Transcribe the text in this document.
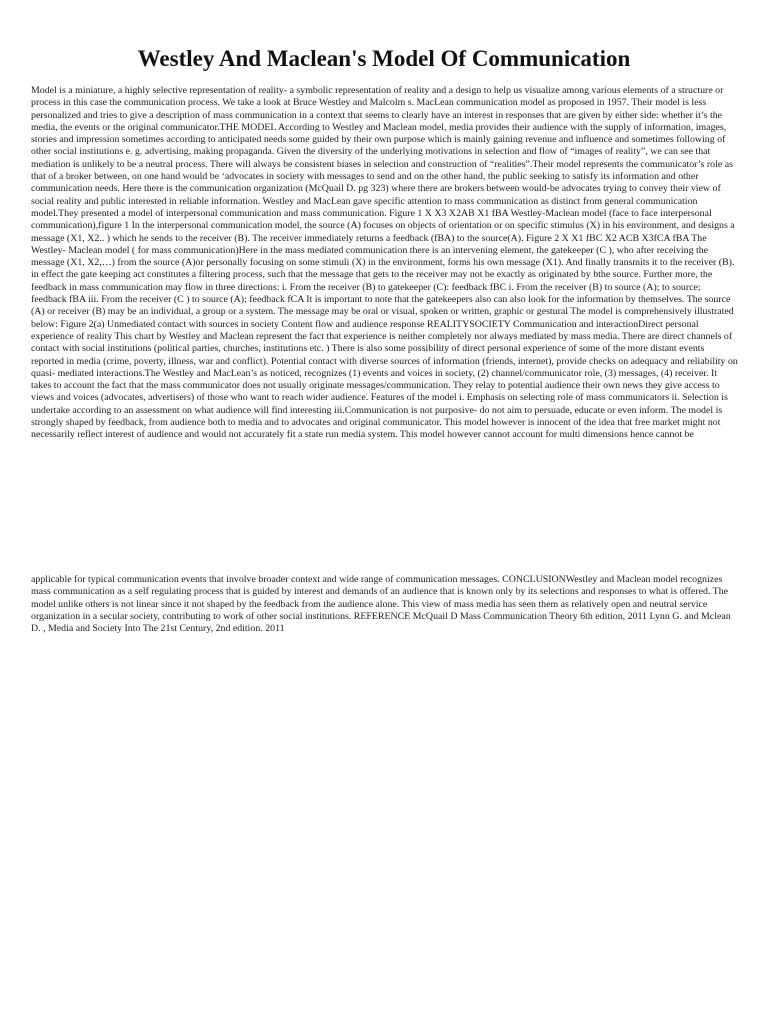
Westley And Maclean's Model Of Communication

Model is a miniature, a highly selective representation of reality- a symbolic representation of reality and a design to help us visualize among various elements of a structure or process in this case the communication process. We take a look at Bruce Westley and Malcolm s. MacLean communication model as proposed in 1957. Their model is less personalized and tries to give a description of mass communication in a context that seems to clearly have an interest in responses that are given by either side: whether it’s the media, the events or the original communicator.THE MODEL According to Westley and Maclean model, media provides their audience with the supply of information, images, stories and impression sometimes according to anticipated needs some guided by their own purpose which is mainly gaining revenue and influence and sometimes following of other social institutions e. g. advertising, making propaganda. Given the diversity of the underlying motivations in selection and flow of “images of reality”, we can see that mediation is unlikely to be a neutral process. There will always be consistent biases in selection and construction of “realities”.Their model represents the communicator’s role as that of a broker between, on one hand would be ‘advocates in society with messages to send and on the other hand, the public seeking to satisfy its information and other communication needs. Here there is the communication organization (McQuail D. pg 323) where there are brokers between would-be advocates trying to convey their view of social reality and public interested in reliable information. Westley and MacLean gave specific attention to mass communication as distinct from general communication model.They presented a model of interpersonal communication and mass communication. Figure 1 X X3 X2AB X1 fBA Westley-Maclean model (face to face interpersonal communication),figure 1 In the interpersonal communication model, the source (A) focuses on objects of orientation or on specific stimulus (X) in his environment, and designs a message (X1, X2.. ) which he sends to the receiver (B). The receiver immediately returns a feedback (fBA) to the source(A). Figure 2 X X1 fBC X2 ACB X3fCA fBA The Westley- Maclean model ( for mass communication)Here in the mass mediated communication there is an intervening element, the gatekeeper (C ), who after receiving the message (X1, X2,…) from the source (A)or personally focusing on some stimuli (X) in the environment, forms his own message (X1). And finally transmits it to the receiver (B). in effect the gate keeping act constitutes a filtering process, such that the message that gets to the receiver may not be exactly as originated by bthe source. Further more, the feedback in mass communication may flow in three directions: i. From the receiver (B) to gatekeeper (C): feedback fBC i. From the receiver (B) to source (A); to source; feedback fBA iii. From the receiver (C ) to source (A); feedback fCA It is important to note that the gatekeepers also can also look for the information by themselves. The source (A) or receiver (B) may be an individual, a group or a system. The message may be oral or visual, spoken or written, graphic or gestural The model is comprehensively illustrated below: Figure 2(a) Unmediated contact with sources in society Content flow and audience response REALITYSOCIETY Communication and interactionDirect personal experience of reality This chart by Westley and Maclean represent the fact that experience is neither completely nor always mediated by mass media. There are direct channels of contact with social institutions (political parties, churches, institutions etc. ) There is also some possibility of direct personal experience of some of the more distant events reported in media (crime, poverty, illness, war and conflict). Potential contact with diverse sources of information (friends, internet), provide checks on adequacy and reliability on quasi- mediated interactions.The Westley and MacLean’s as noticed, recognizes (1) events and voices in society, (2) channel/communicator role, (3) messages, (4) receiver. It takes to account the fact that the mass communicator does not usually originate messages/communication. They relay to potential audience their own news they give access to views and voices (advocates, advertisers) of those who want to reach wider audience. Features of the model i. Emphasis on selecting role of mass communicators ii. Selection is undertake according to an assessment on what audience will find interesting iii.Communication is not purposive- do not aim to persuade, educate or even inform. The model is strongly shaped by feedback, from audience both to media and to advocates and original communicator. This model however is innocent of the idea that free market might not necessarily reflect interest of audience and would not accurately fit a state run media system. This model however cannot account for multi dimensions hence cannot be

applicable for typical communication events that involve broader context and wide range of communication messages. CONCLUSIONWestley and Maclean model recognizes mass communication as a self regulating process that is guided by interest and demands of an audience that is known only by its selections and responses to what is offered. The model unlike others is not linear since it not shaped by the feedback from the audience alone. This view of mass media has seen them as relatively open and neutral service organization in a secular society, contributing to work of other social institutions. REFERENCE McQuail D Mass Communication Theory 6th edition, 2011 Lynn G. and Mclean D. , Media and Society Into The 21st Century, 2nd edition. 2011
